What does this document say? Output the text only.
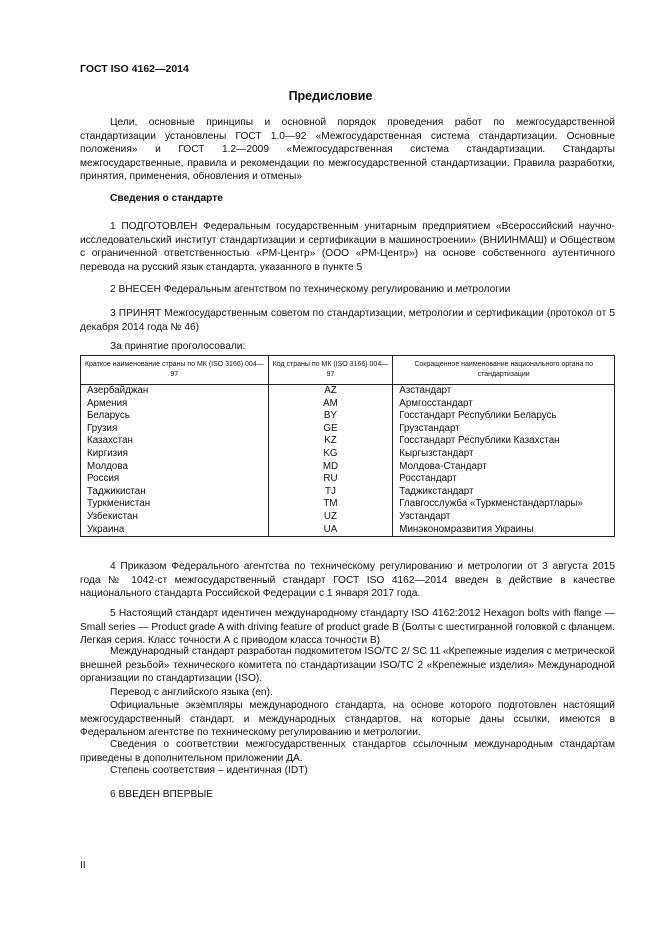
ГОСТ ISO 4162—2014
Предисловие
Цели, основные принципы и основной порядок проведения работ по межгосударственной стандартизации установлены ГОСТ 1.0—92 «Межгосударственная система стандартизации. Основные положения» и ГОСТ 1.2—2009 «Межгосударственная система стандартизации. Стандарты межгосударственные, правила и рекомендации по межгосударственной стандартизации. Правила разработки, принятия, применения, обновления и отмены»
Сведения о стандарте
1 ПОДГОТОВЛЕН Федеральным государственным унитарным предприятием «Всероссийский научно-исследовательский институт стандартизации и сертификации в машиностроении» (ВНИИНМАШ) и Обществом с ограниченной ответственностью «РМ-Центр» (ООО «РМ-Центр») на основе собственного аутентичного перевода на русский язык стандарта, указанного в пункте 5
2 ВНЕСЕН Федеральным агентством по техническому регулированию и метрологии
3 ПРИНЯТ Межгосударственным советом по стандартизации, метрологии и сертификации (протокол от 5 декабря 2014 года № 46)
За принятие проголосовали:
Краткое наименование страны по МК (ISO 3166) 004—97	Код страны по МК (ISO 3166) 004—97	Сокращенное наименование национального органа по стандартизации
Азербайджан	AZ	Азстандарт
Армения	AM	Армгосстандарт
Беларусь	BY	Госстандарт Республики Беларусь
Грузия	GE	Грузстандарт
Казахстан	KZ	Госстандарт Республики Казахстан
Киргизия	KG	Кыргызстандарт
Молдова	MD	Молдова-Стандарт
Россия	RU	Росстандарт
Таджикистан	TJ	Таджикстандарт
Туркменистан	TM	Главгосслужба «Туркменстандартлары»
Узбекистан	UZ	Узстандарт
Украина	UA	Минэкономразвития Украины
4 Приказом Федерального агентства по техническому регулированию и метрологии от 3 августа 2015 года № 1042-ст межгосударственный стандарт ГОСТ ISO 4162—2014 введен в действие в качестве национального стандарта Российской Федерации с 1 января 2017 года.
5 Настоящий стандарт идентичен международному стандарту ISO 4162:2012 Hexagon bolts with flange — Small series — Product grade A with driving feature of product grade B (Болты с шестигранной головкой с фланцем. Легкая серия. Класс точности А с приводом класса точности В)
Международный стандарт разработан подкомитетом ISO/TC 2/ SC 11 «Крепежные изделия с метрической внешней резьбой» технического комитета по стандартизации ISO/TC 2 «Крепежные изделия» Международной организации по стандартизации (ISO).
Перевод с английского языка (en).
Официальные экземпляры международного стандарта, на основе которого подготовлен настоящий межгосударственный стандарт, и международных стандартов, на которые даны ссылки, имеются в Федеральном агентстве по техническому регулированию и метрологии.
Сведения о соответствии межгосударственных стандартов ссылочным международным стандартам приведены в дополнительном приложении ДА.
Степень соответствия – идентичная (IDT)
6 ВВЕДЕН ВПЕРВЫЕ
II
